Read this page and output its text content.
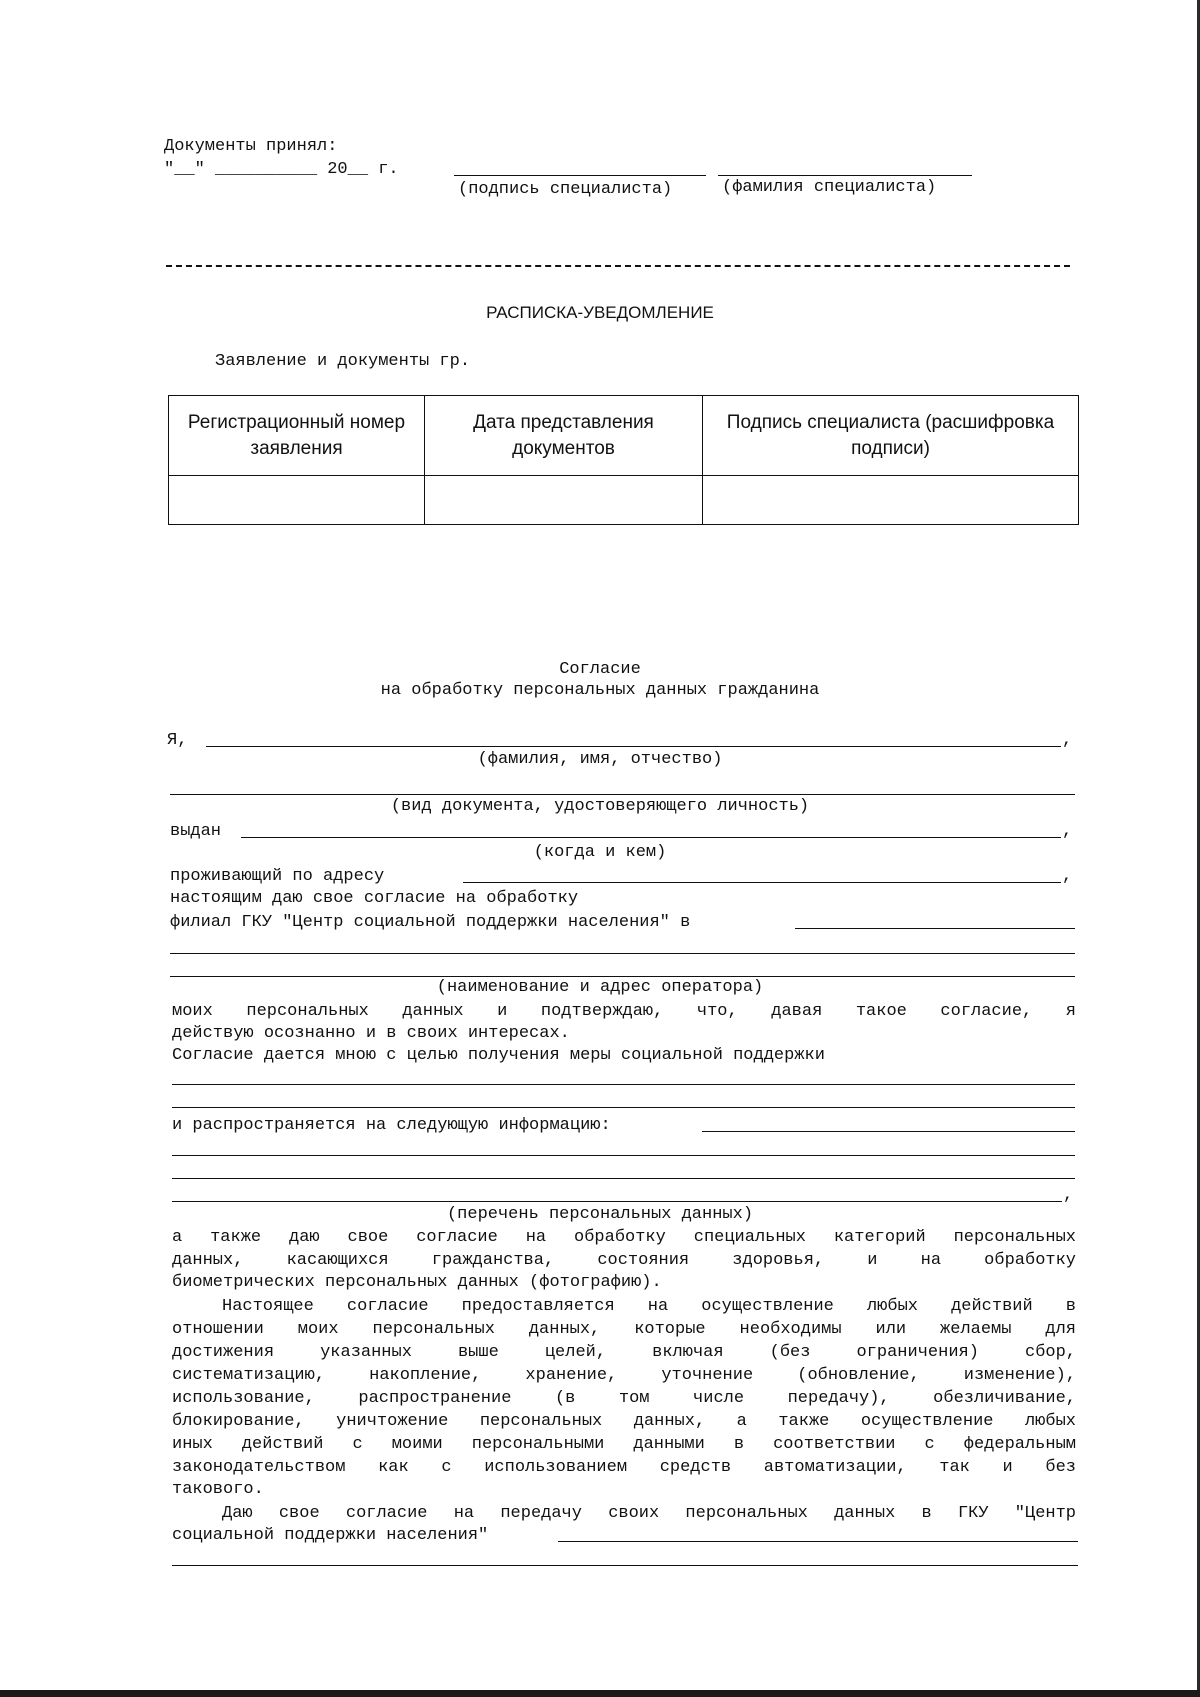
Документы принял:
"__" __________ 20__ г.
(подпись специалиста)	(фамилия специалиста)
РАСПИСКА-УВЕДОМЛЕНИЕ
Заявление и документы гр.
Регистрационный номер заявления	Дата представления документов	Подпись специалиста (расшифровка подписи)

Согласие
на обработку персональных данных гражданина
Я,	,
(фамилия, имя, отчество)
(вид документа, удостоверяющего личность)
выдан	,
(когда и кем)
проживающий по адресу	,
настоящим даю свое согласие на обработку
филиал ГКУ "Центр социальной поддержки населения" в
(наименование и адрес оператора)
моих персональных данных и подтверждаю, что, давая такое согласие, я
действую осознанно и в своих интересах.
Согласие дается мною с целью получения меры социальной поддержки
и распространяется на следующую информацию:
,
(перечень персональных данных)
а также даю свое согласие на обработку специальных категорий персональных
данных, касающихся гражданства, состояния здоровья, и на обработку
биометрических персональных данных (фотографию).
Настоящее согласие предоставляется на осуществление любых действий в
отношении моих персональных данных, которые необходимы или желаемы для
достижения указанных выше целей, включая (без ограничения) сбор,
систематизацию, накопление, хранение, уточнение (обновление, изменение),
использование, распространение (в том числе передачу), обезличивание,
блокирование, уничтожение персональных данных, а также осуществление любых
иных действий с моими персональными данными в соответствии с федеральным
законодательством как с использованием средств автоматизации, так и без
такового.
Даю свое согласие на передачу своих персональных данных в ГКУ "Центр
социальной поддержки населения"
